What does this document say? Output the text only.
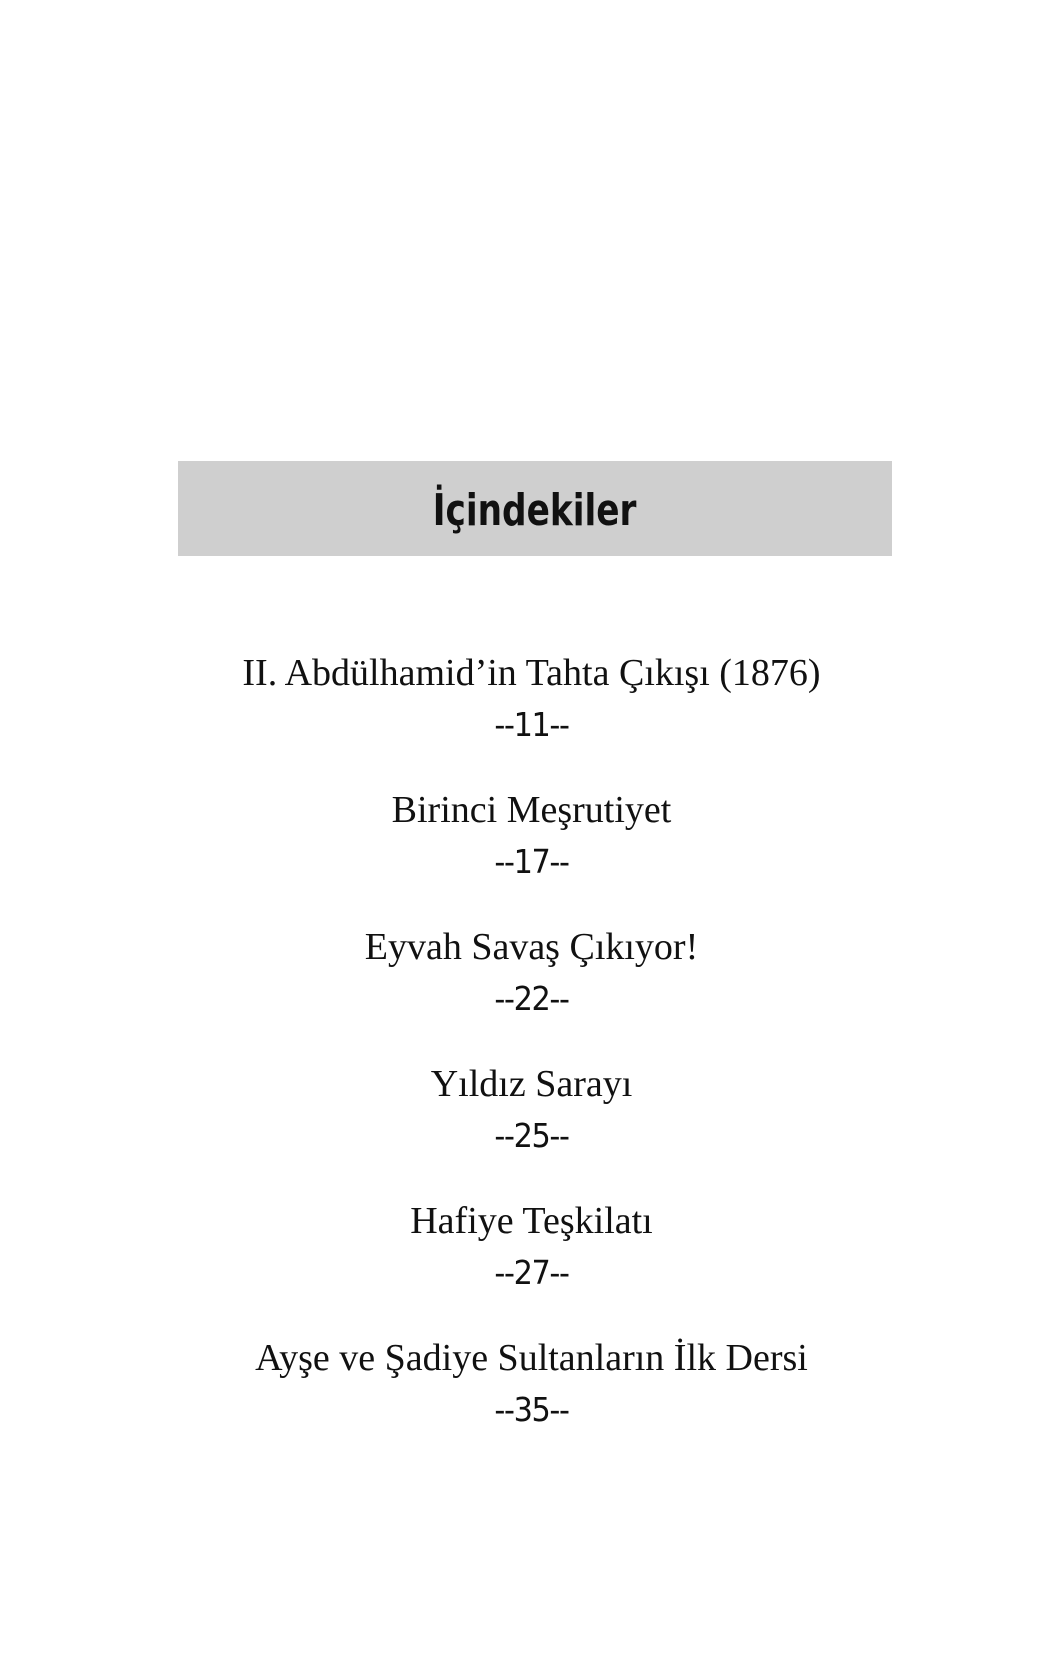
İçindekiler
II. Abdülhamid’in Tahta Çıkışı (1876)
--11--
Birinci Meşrutiyet
--17--
Eyvah Savaş Çıkıyor!
--22--
Yıldız Sarayı
--25--
Hafiye Teşkilatı
--27--
Ayşe ve Şadiye Sultanların İlk Dersi
--35--
